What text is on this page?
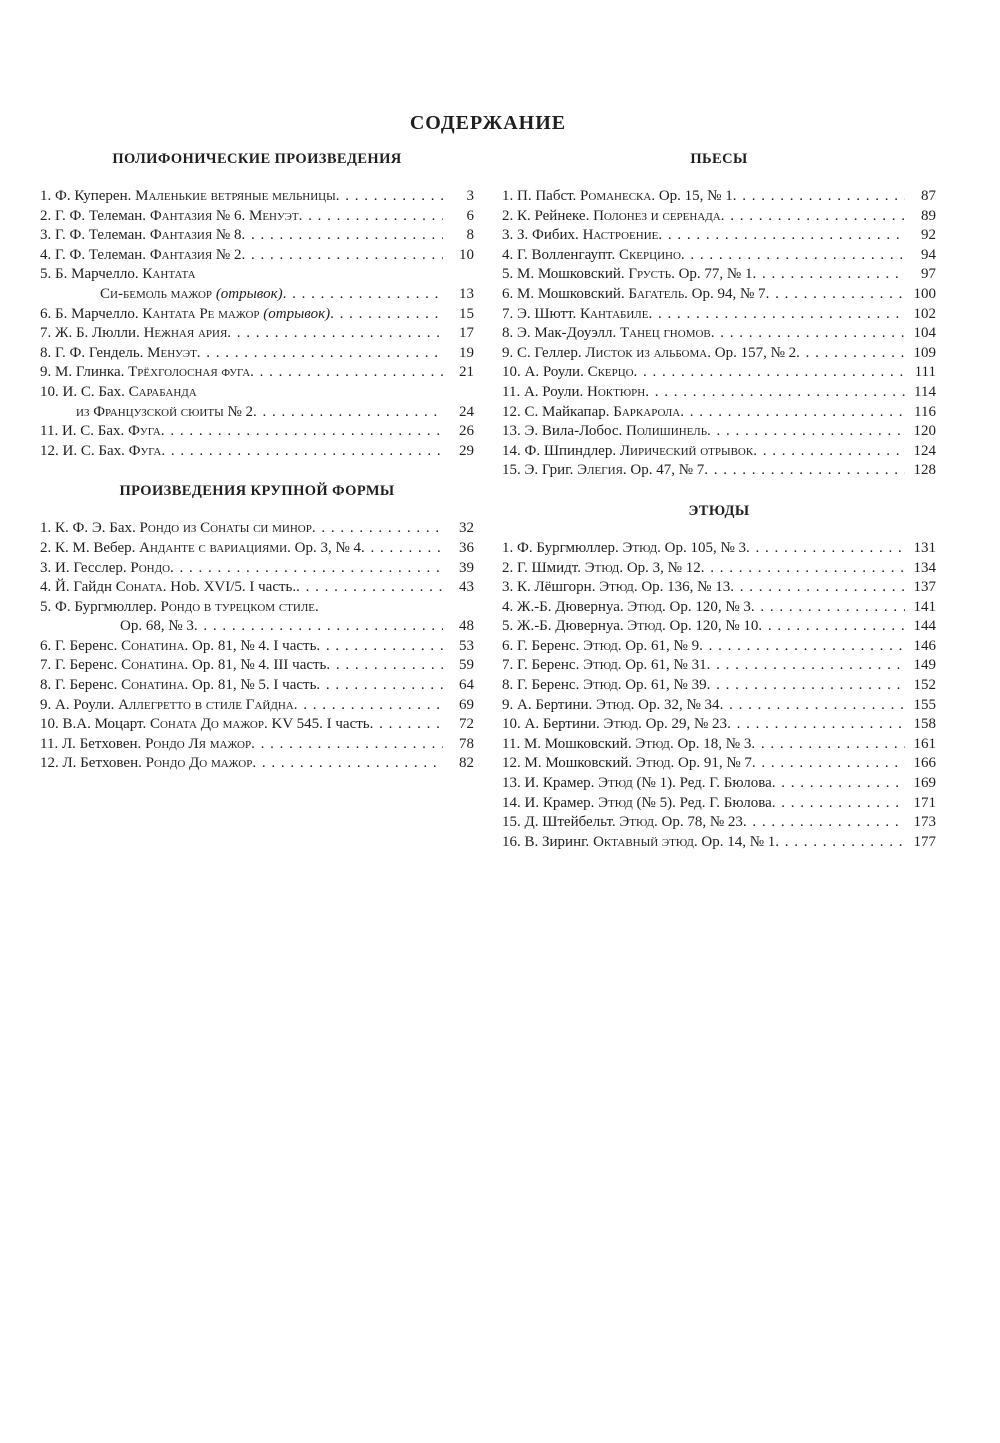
СОДЕРЖАНИЕ
ПОЛИФОНИЧЕСКИЕ ПРОИЗВЕДЕНИЯ
1. Ф. Куперен. Маленькие ветряные мельницы . . .	3
2. Г. Ф. Телеман. Фантазия № 6. Менуэт . . .	6
3. Г. Ф. Телеман. Фантазия № 8 . . .	8
4. Г. Ф. Телеман. Фантазия № 2 . . .	10
5. Б. Марчелло. Кантата
Си-бемоль мажор (отрывок) . . .	13
6. Б. Марчелло. Кантата Ре мажор (отрывок) . . .	15
7. Ж. Б. Люлли. Нежная ария . . .	17
8. Г. Ф. Гендель. Менуэт . . .	19
9. М. Глинка. Трёхголосная фуга . . .	21
10. И. С. Бах. Сарабанда
из Французской сюиты № 2 . . .	24
11. И. С. Бах. Фуга . . .	26
12. И. С. Бах. Фуга . . .	29
ПРОИЗВЕДЕНИЯ КРУПНОЙ ФОРМЫ
1. К. Ф. Э. Бах. Рондо из Сонаты си минор . . .	32
2. К. М. Вебер. Анданте с вариациями. Ор. 3, № 4 . . .	36
3. И. Гесслер. Рондо . . .	39
4. Й. Гайдн Соната. Hob. XVI/5. I часть. . . .	43
5. Ф. Бургмюллер. Рондо в турецком стиле.
Ор. 68, № 3 . . .	48
6. Г. Беренс. Сонатина. Ор. 81, № 4. I часть . . .	53
7. Г. Беренс. Сонатина. Ор. 81, № 4. III часть . . .	59
8. Г. Беренс. Сонатина. Ор. 81, № 5. I часть . . .	64
9. А. Роули. Аллегретто в стиле Гайдна . . .	69
10. В.А. Моцарт. Соната До мажор. KV 545. I часть . . .	72
11. Л. Бетховен. Рондо Ля мажор . . .	78
12. Л. Бетховен. Рондо До мажор . . .	82
ПЬЕСЫ
1. П. Пабст. Романеска. Ор. 15, № 1 . . .	87
2. К. Рейнеке. Полонез и серенада . . .	89
3. З. Фибих. Настроение . . .	92
4. Г. Волленгаупт. Скерцино . . .	94
5. М. Мошковский. Грусть. Ор. 77, № 1 . . .	97
6. М. Мошковский. Багатель. Ор. 94, № 7 . . .	100
7. Э. Шютт. Кантабиле . . .	102
8. Э. Мак-Доуэлл. Танец гномов . . .	104
9. С. Геллер. Листок из альбома. Ор. 157, № 2 . . .	109
10. А. Роули. Скерцо . . .	111
11. А. Роули. Ноктюрн . . .	114
12. С. Майкапар. Баркарола . . .	116
13. Э. Вила-Лобос. Полишинель . . .	120
14. Ф. Шпиндлер. Лирический отрывок . . .	124
15. Э. Григ. Элегия. Ор. 47, № 7 . . .	128
ЭТЮДЫ
1. Ф. Бургмюллер. Этюд. Ор. 105, № 3 . . .	131
2. Г. Шмидт. Этюд. Ор. 3, № 12 . . .	134
3. К. Лёшгорн. Этюд. Ор. 136, № 13 . . .	137
4. Ж.-Б. Дювернуа. Этюд. Ор. 120, № 3 . . .	141
5. Ж.-Б. Дювернуа. Этюд. Ор. 120, № 10 . . .	144
6. Г. Беренс. Этюд. Ор. 61, № 9 . . .	146
7. Г. Беренс. Этюд. Ор. 61, № 31 . . .	149
8. Г. Беренс. Этюд. Ор. 61, № 39 . . .	152
9. А. Бертини. Этюд. Ор. 32, № 34 . . .	155
10. А. Бертини. Этюд. Ор. 29, № 23 . . .	158
11. М. Мошковский. Этюд. Ор. 18, № 3 . . .	161
12. М. Мошковский. Этюд. Ор. 91, № 7 . . .	166
13. И. Крамер. Этюд (№ 1). Ред. Г. Бюлова . . .	169
14. И. Крамер. Этюд (№ 5). Ред. Г. Бюлова . . .	171
15. Д. Штейбельт. Этюд. Ор. 78, № 23 . . .	173
16. В. Зиринг. Октавный этюд. Ор. 14, № 1 . . .	177
